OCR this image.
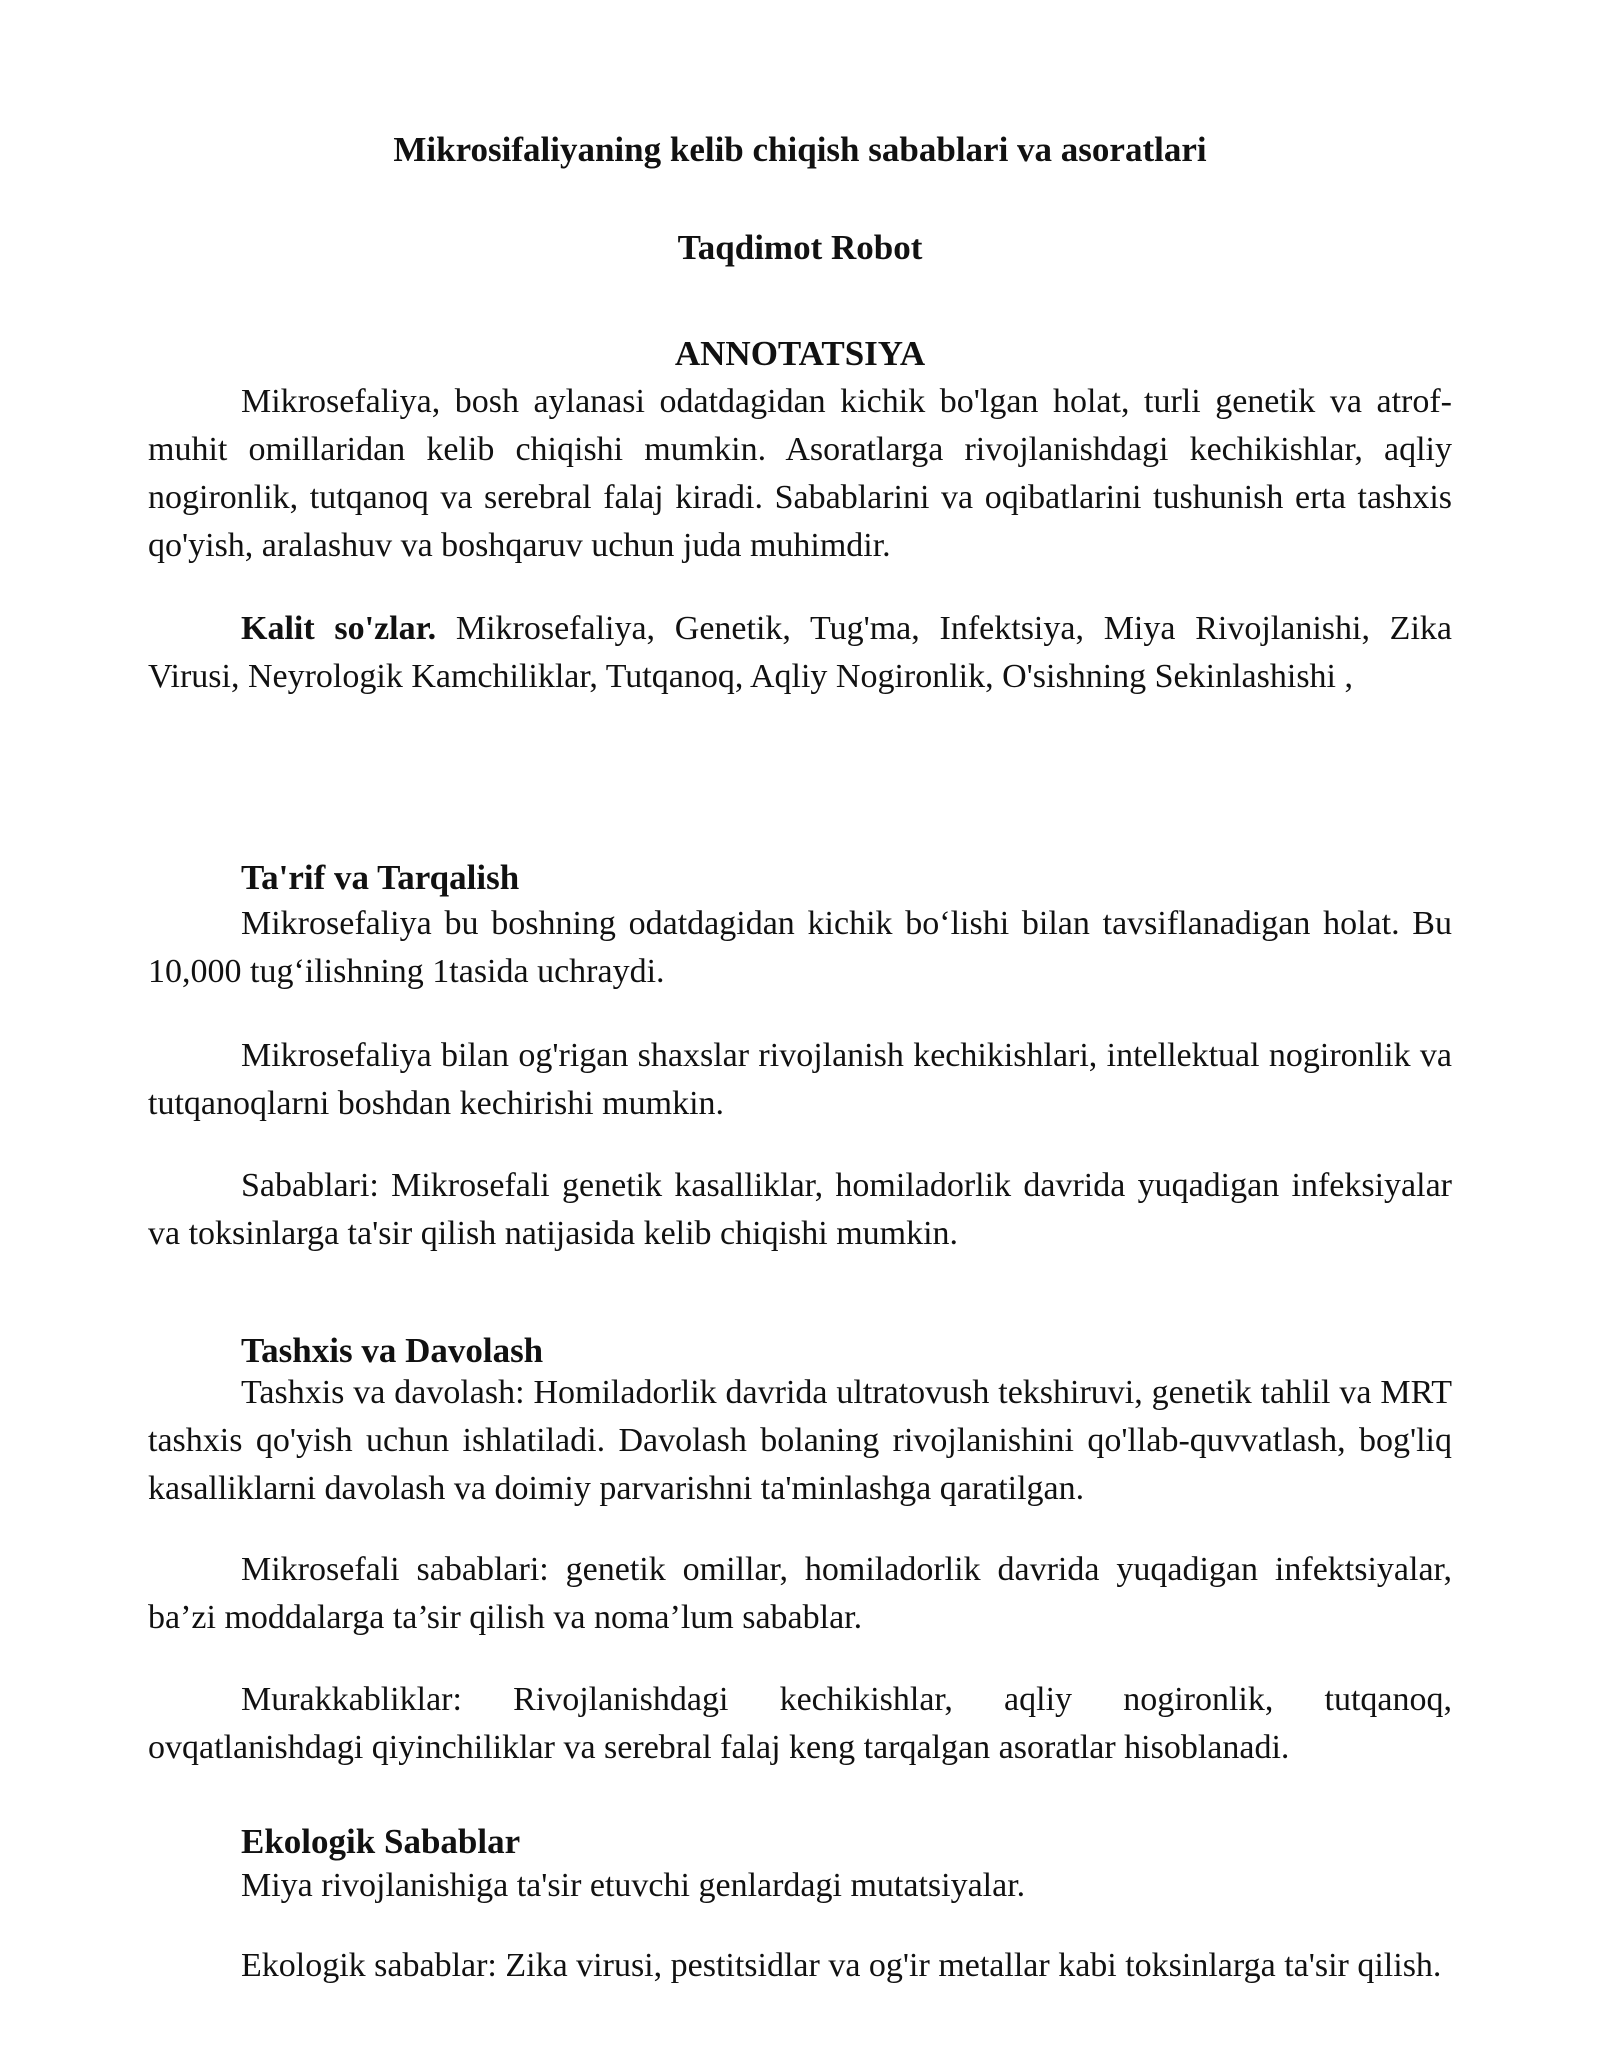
Mikrosifaliyaning kelib chiqish sabablari va asoratlari
Taqdimot Robot
ANNOTATSIYA

Mikrosefaliya, bosh aylanasi odatdagidan kichik bo'lgan holat, turli genetik va atrof-muhit omillaridan kelib chiqishi mumkin. Asoratlarga rivojlanishdagi kechikishlar, aqliy nogironlik, tutqanoq va serebral falaj kiradi. Sabablarini va oqibatlarini tushunish erta tashxis qo'yish, aralashuv va boshqaruv uchun juda muhimdir.

Kalit so'zlar. Mikrosefaliya, Genetik, Tug'ma, Infektsiya, Miya Rivojlanishi, Zika Virusi, Neyrologik Kamchiliklar, Tutqanoq, Aqliy Nogironlik, O'sishning Sekinlashishi ,

Ta'rif va Tarqalish

Mikrosefaliya bu boshning odatdagidan kichik bo‘lishi bilan tavsiflanadigan holat. Bu 10,000 tug‘ilishning 1tasida uchraydi.

Mikrosefaliya bilan og'rigan shaxslar rivojlanish kechikishlari, intellektual nogironlik va tutqanoqlarni boshdan kechirishi mumkin.

Sabablari: Mikrosefali genetik kasalliklar, homiladorlik davrida yuqadigan infeksiyalar va toksinlarga ta'sir qilish natijasida kelib chiqishi mumkin.

Tashxis va Davolash

Tashxis va davolash: Homiladorlik davrida ultratovush tekshiruvi, genetik tahlil va MRT tashxis qo'yish uchun ishlatiladi. Davolash bolaning rivojlanishini qo'llab-quvvatlash, bog'liq kasalliklarni davolash va doimiy parvarishni ta'minlashga qaratilgan.

Mikrosefali sabablari: genetik omillar, homiladorlik davrida yuqadigan infektsiyalar, ba’zi moddalarga ta’sir qilish va noma’lum sabablar.

Murakkabliklar: Rivojlanishdagi kechikishlar, aqliy nogironlik, tutqanoq, ovqatlanishdagi qiyinchiliklar va serebral falaj keng tarqalgan asoratlar hisoblanadi.

Ekologik Sabablar

Miya rivojlanishiga ta'sir etuvchi genlardagi mutatsiyalar.

Ekologik sabablar: Zika virusi, pestitsidlar va og'ir metallar kabi toksinlarga ta'sir qilish.
